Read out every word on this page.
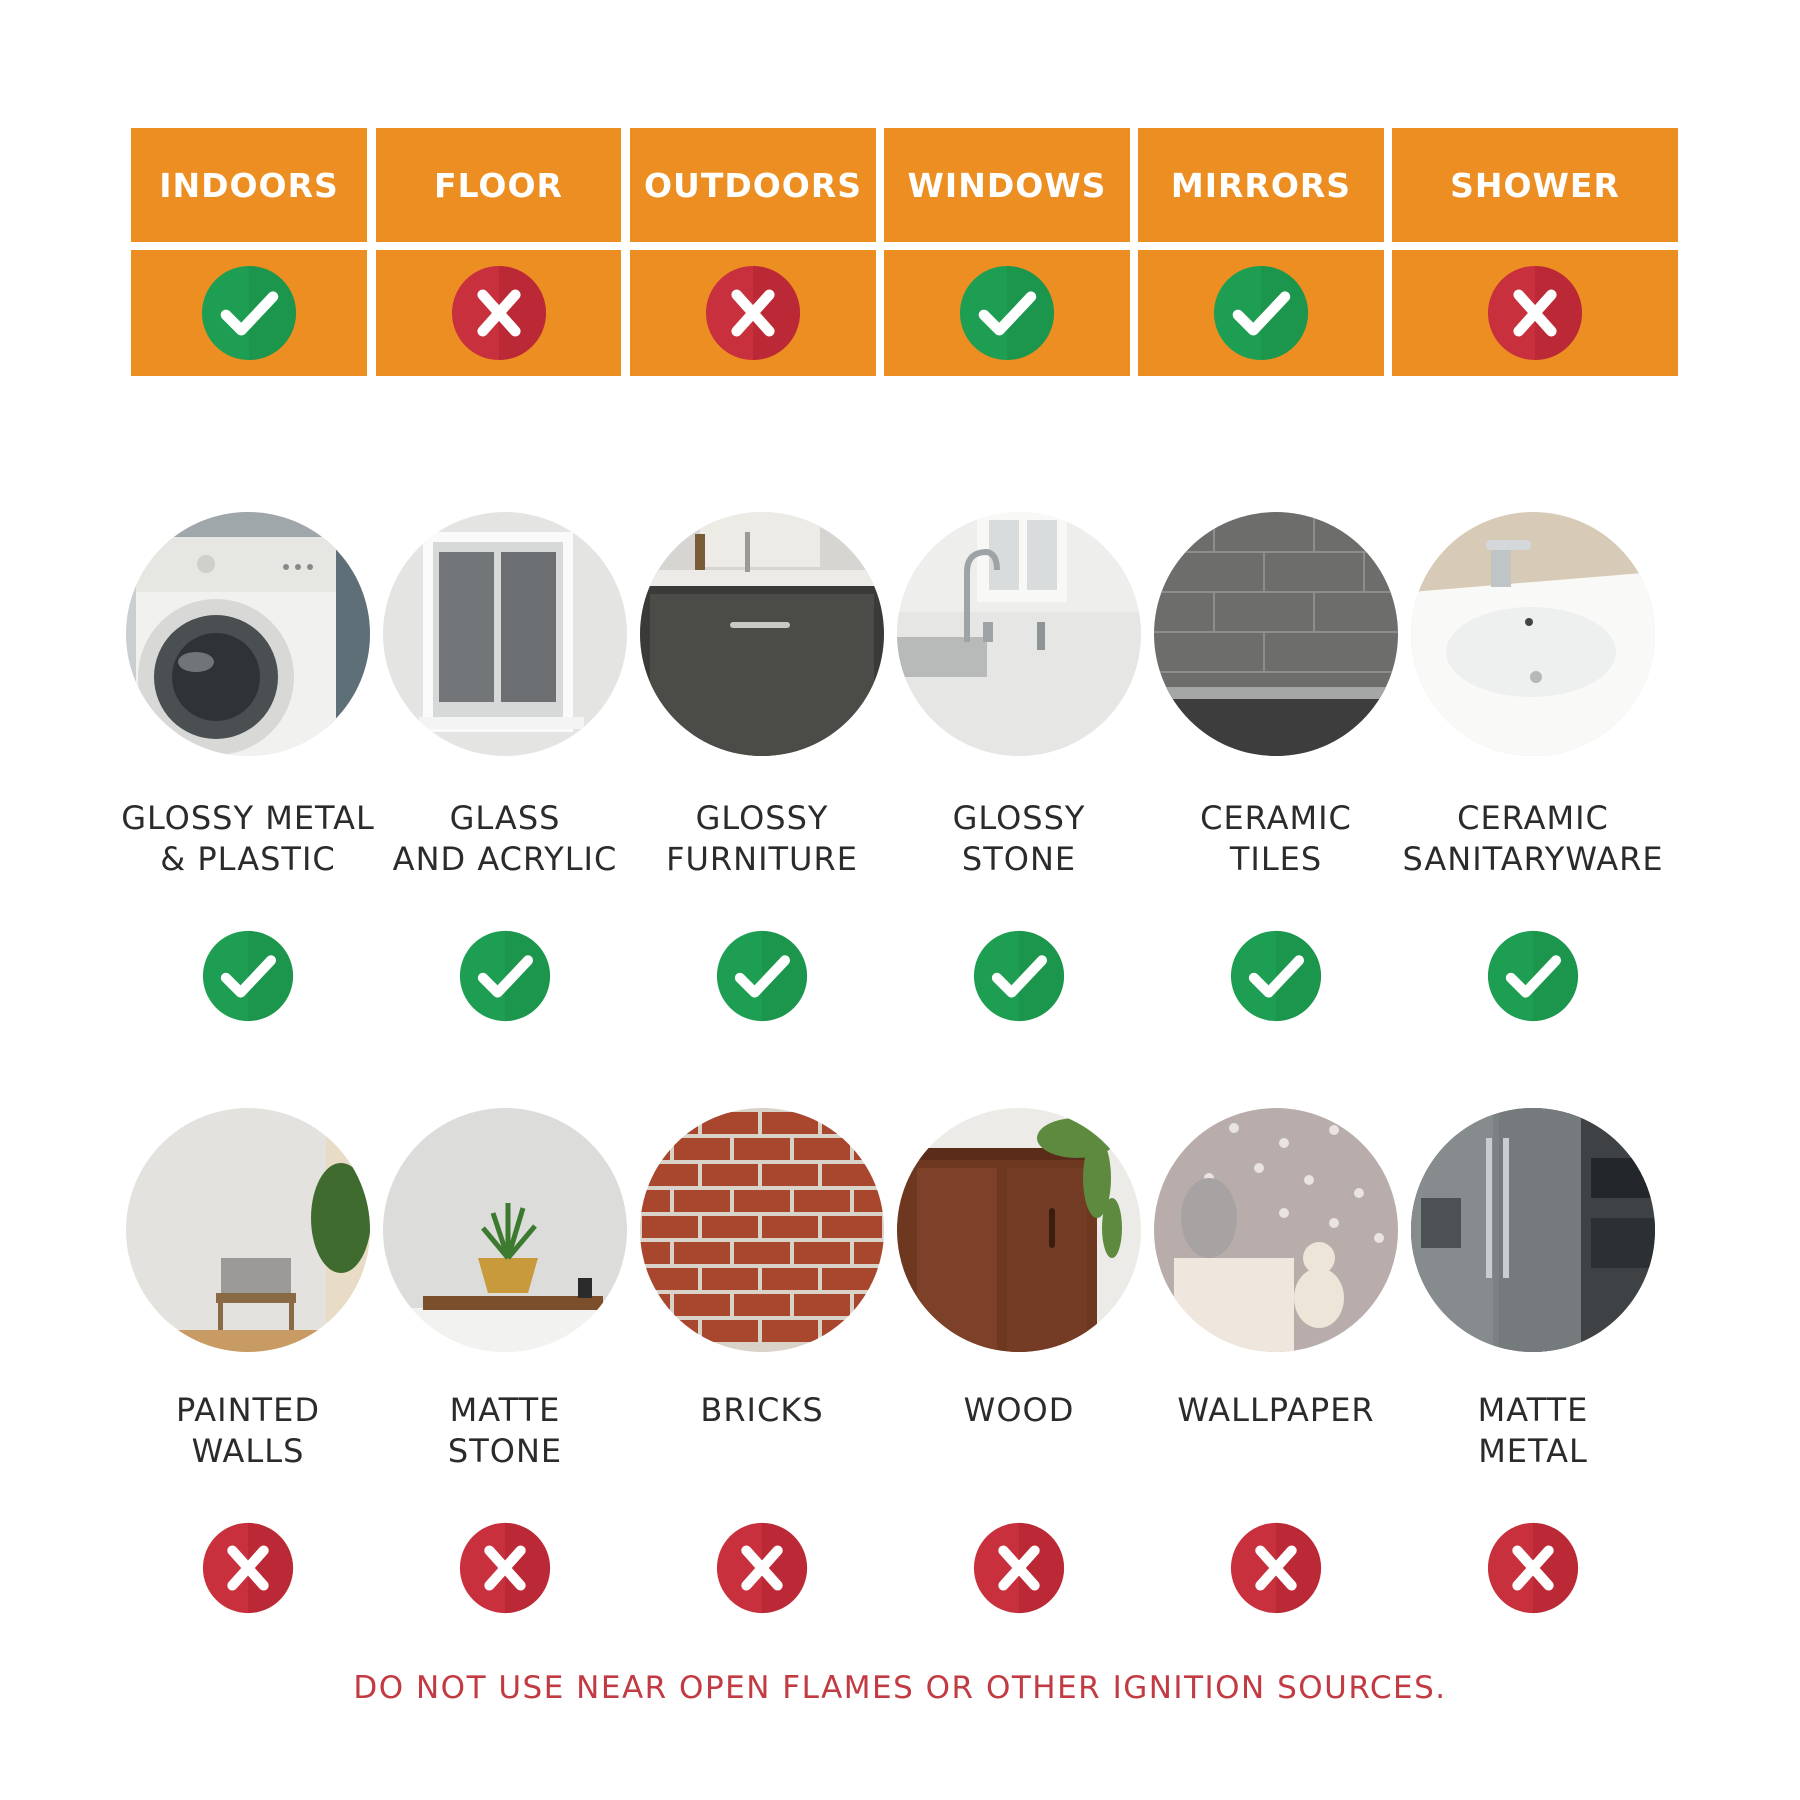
INDOORS	FLOOR OUTDOORS WINDOWS MIRRORS	SHOWER
GLOSSY METAL
& PLASTIC
GLASS
AND ACRYLIC
GLOSSY
FURNITURE
GLOSSY
STONE
CERAMIC
TILES
CERAMIC
SANITARYWARE
PAINTED
WALLS
MATTE
STONE
BRICKS	WOOD	WALLPAPER	MATTE
METAL
DO NOT USE NEAR OPEN FLAMES OR OTHER IGNITION SOURCES.
